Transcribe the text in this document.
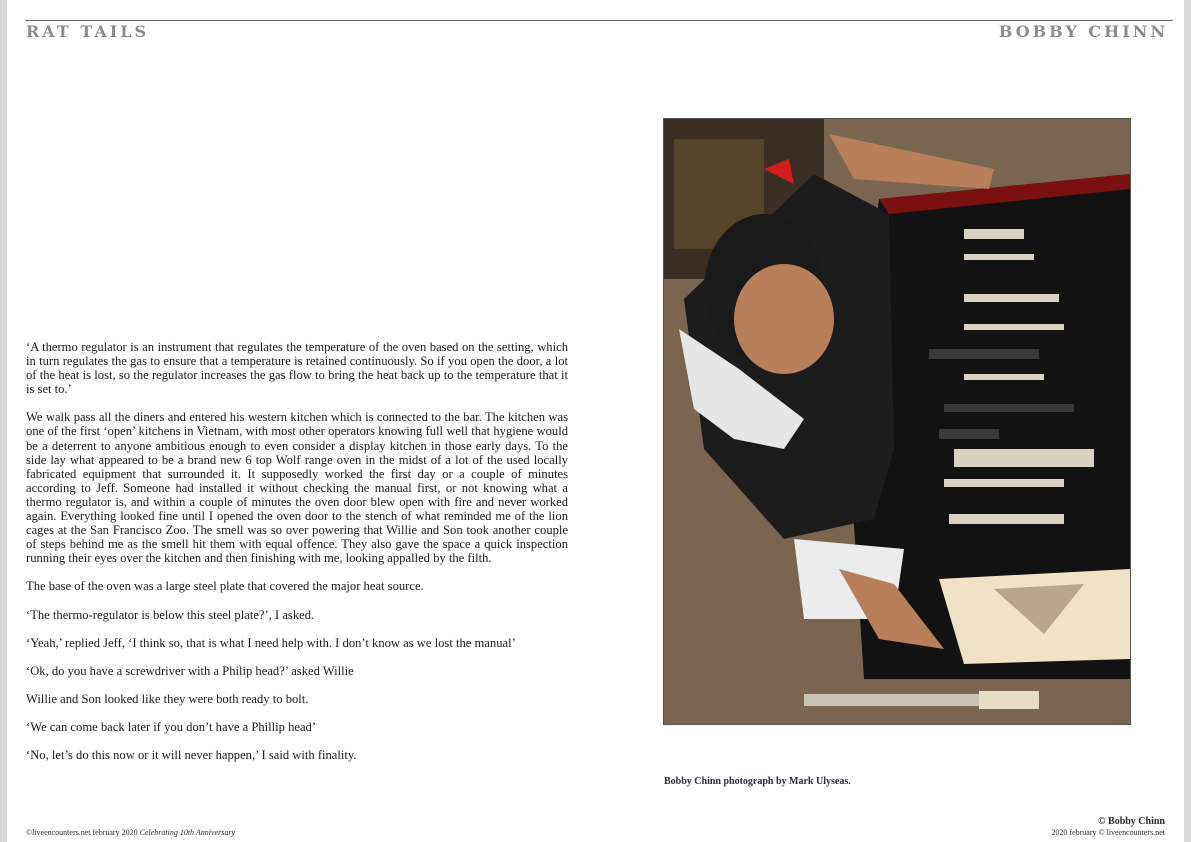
RAT TAILS	BOBBY CHINN

‘A thermo regulator is an instrument that regulates the temperature of the oven based on the setting, which in turn regulates the gas to ensure that a temperature is retained continuously. So if you open the door, a lot of the heat is lost, so the regulator increases the gas flow to bring the heat back up to the temperature that it is set to.’

We walk pass all the diners and entered his western kitchen which is connected to the bar. The kitchen was one of the first ‘open’ kitchens in Vietnam, with most other operators knowing full well that hygiene would be a deterrent to anyone ambitious enough to even consider a display kitchen in those early days. To the side lay what appeared to be a brand new 6 top Wolf range oven in the midst of a lot of the used locally fabricated equipment that surrounded it. It supposedly worked the first day or a couple of minutes according to Jeff. Someone had installed it without checking the manual first, or not knowing what a thermo regulator is, and within a couple of minutes the oven door blew open with fire and never worked again. Everything looked fine until I opened the oven door to the stench of what reminded me of the lion cages at the San Francisco Zoo. The smell was so over powering that Willie and Son took another couple of steps behind me as the smell hit them with equal offence. They also gave the space a quick inspection running their eyes over the kitchen and then finishing with me, looking appalled by the filth.

The base of the oven was a large steel plate that covered the major heat source.

‘The thermo-regulator is below this steel plate?’, I asked.

‘Yeah,’ replied Jeff, ‘I think so, that is what I need help with. I don’t know as we lost the manual’

‘Ok, do you have a screwdriver with a Philip head?’ asked Willie

Willie and Son looked like they were both ready to bolt.

‘We can come back later if you don’t have a Phillip head’

‘No, let’s do this now or it will never happen,’ I said with finality.

Bobby Chinn photograph by Mark Ulyseas.
©liveencounters.net february 2020 Celebrating 10th Anniversary
© Bobby Chinn
2020 february © liveencounters.net
